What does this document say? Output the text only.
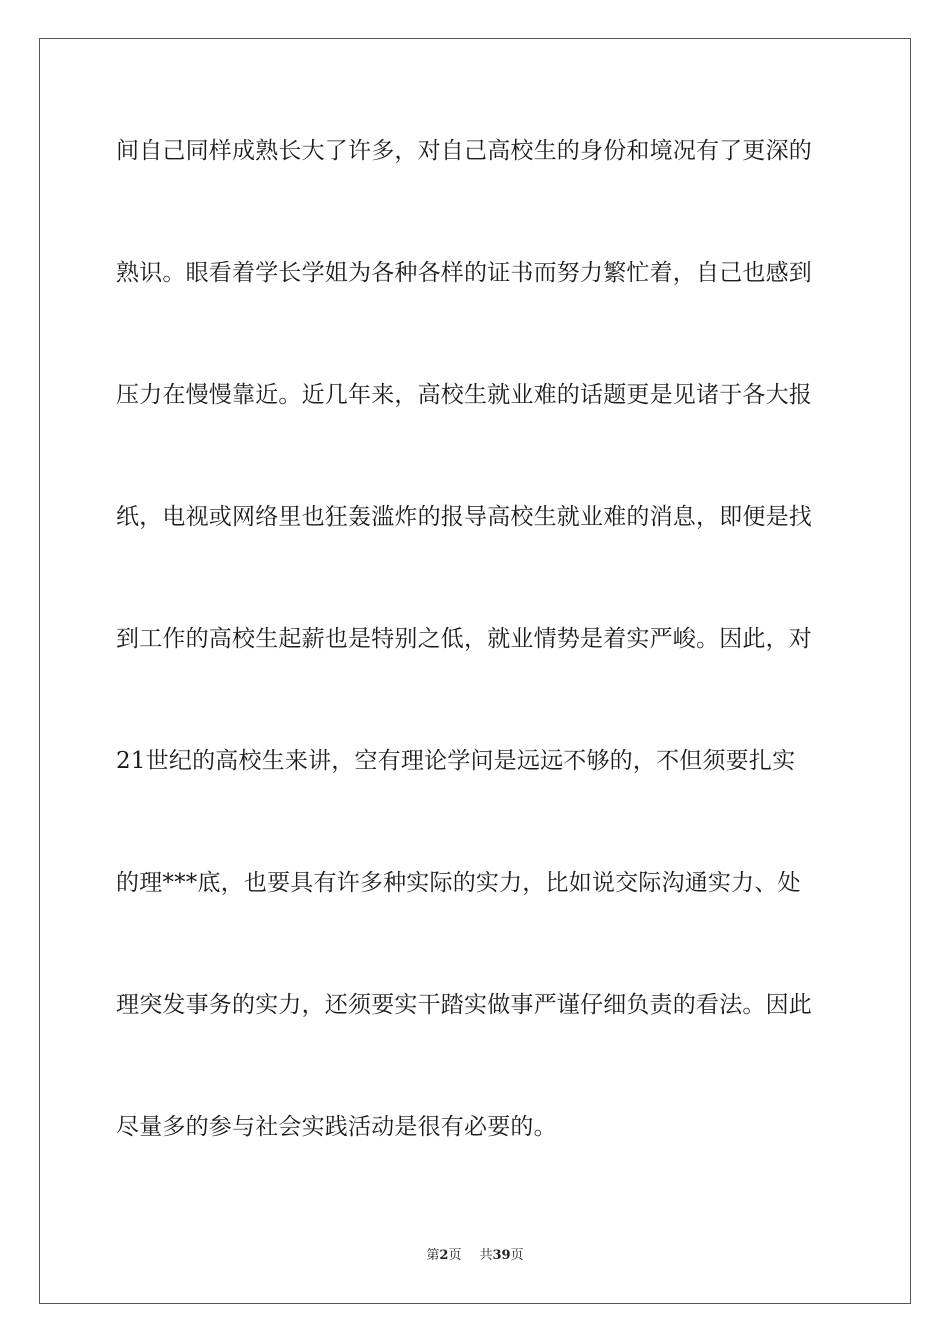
间自己同样成熟长大了许多，对自己高校生的身份和境况有了更深的
熟识。眼看着学长学姐为各种各样的证书而努力繁忙着，自己也感到
压力在慢慢靠近。近几年来，高校生就业难的话题更是见诸于各大报
纸，电视或网络里也狂轰滥炸的报导高校生就业难的消息，即便是找
到工作的高校生起薪也是特别之低，就业情势是着实严峻。因此，对
21世纪的高校生来讲，空有理论学问是远远不够的，不但须要扎实
的理***底，也要具有许多种实际的实力，比如说交际沟通实力、处
理突发事务的实力，还须要实干踏实做事严谨仔细负责的看法。因此
尽量多的参与社会实践活动是很有必要的。
第2页 共39页
